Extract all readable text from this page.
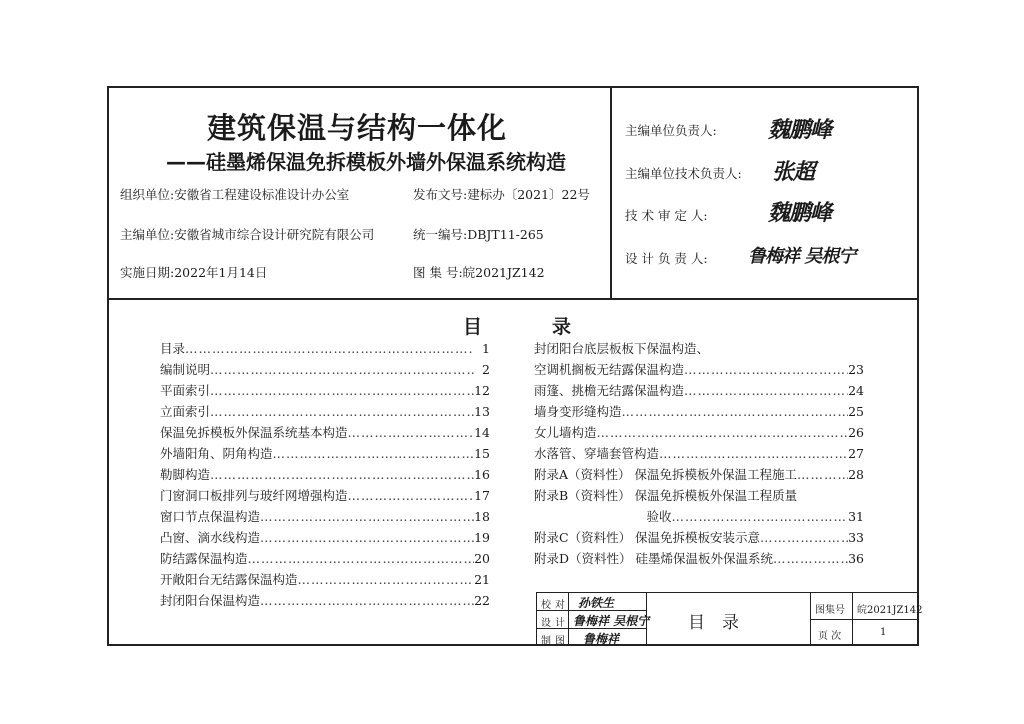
建筑保温与结构一体化
——硅墨烯保温免拆模板外墙外保温系统构造
组织单位:安徽省工程建设标准设计办公室	发布文号:建标办〔2021〕22号
主编单位:安徽省城市综合设计研究院有限公司	统一编号:DBJT11-265
实施日期:2022年1月14日	图 集 号:皖2021JZ142
主编单位负责人: 魏鹏峰
主编单位技术负责人: 张超
技 术 审 定 人:	魏鹏峰
设 计 负 责 人: 鲁梅祥 吴根宁
目录
目录 ………………………………………………………………………………………………………………………………………………	1
编制说明 ………………………………………………………………………………………………………………………………………………	2
平面索引 ………………………………………………………………………………………………………………………………………………	12
立面索引 ………………………………………………………………………………………………………………………………………………	13
保温免拆模板外保温系统基本构造 ………………………………………………………………………………………………………………………………………………	14
外墙阳角、阴角构造 ………………………………………………………………………………………………………………………………………………	15
勒脚构造 ………………………………………………………………………………………………………………………………………………	16
门窗洞口板排列与玻纤网增强构造 ………………………………………………………………………………………………………………………………………………	17
窗口节点保温构造 ………………………………………………………………………………………………………………………………………………	18
凸窗、滴水线构造 ………………………………………………………………………………………………………………………………………………	19
防结露保温构造 ………………………………………………………………………………………………………………………………………………	20
开敞阳台无结露保温构造 ………………………………………………………………………………………………………………………………………………	21
封闭阳台保温构造 ………………………………………………………………………………………………………………………………………………	22
封闭阳台底层板板下保温构造、
空调机搁板无结露保温构造 ………………………………………………………………………………………………………………………………………………	23
雨篷、挑檐无结露保温构造 ………………………………………………………………………………………………………………………………………………	24
墙身变形缝构造 ………………………………………………………………………………………………………………………………………………	25
女儿墙构造 ………………………………………………………………………………………………………………………………………………	26
水落管、穿墙套管构造 ………………………………………………………………………………………………………………………………………………	27
附录A（资料性） 保温免拆模板外保温工程施工 ………………………………………………………………………………………………………………………………………………	28
附录B（资料性） 保温免拆模板外保温工程质量
　　　　　　　　　验收 ………………………………………………………………………………………………………………………………………………	31
附录C（资料性） 保温免拆模板安装示意 ………………………………………………………………………………………………………………………………………………	33
附录D（资料性） 硅墨烯保温板外保温系统 ………………………………………………………………………………………………………………………………………………	36
校对 孙铁生
设计 鲁梅祥 吴根宁
制图 鲁梅祥
目　录
图集号 皖2021JZ142
页 次	1
